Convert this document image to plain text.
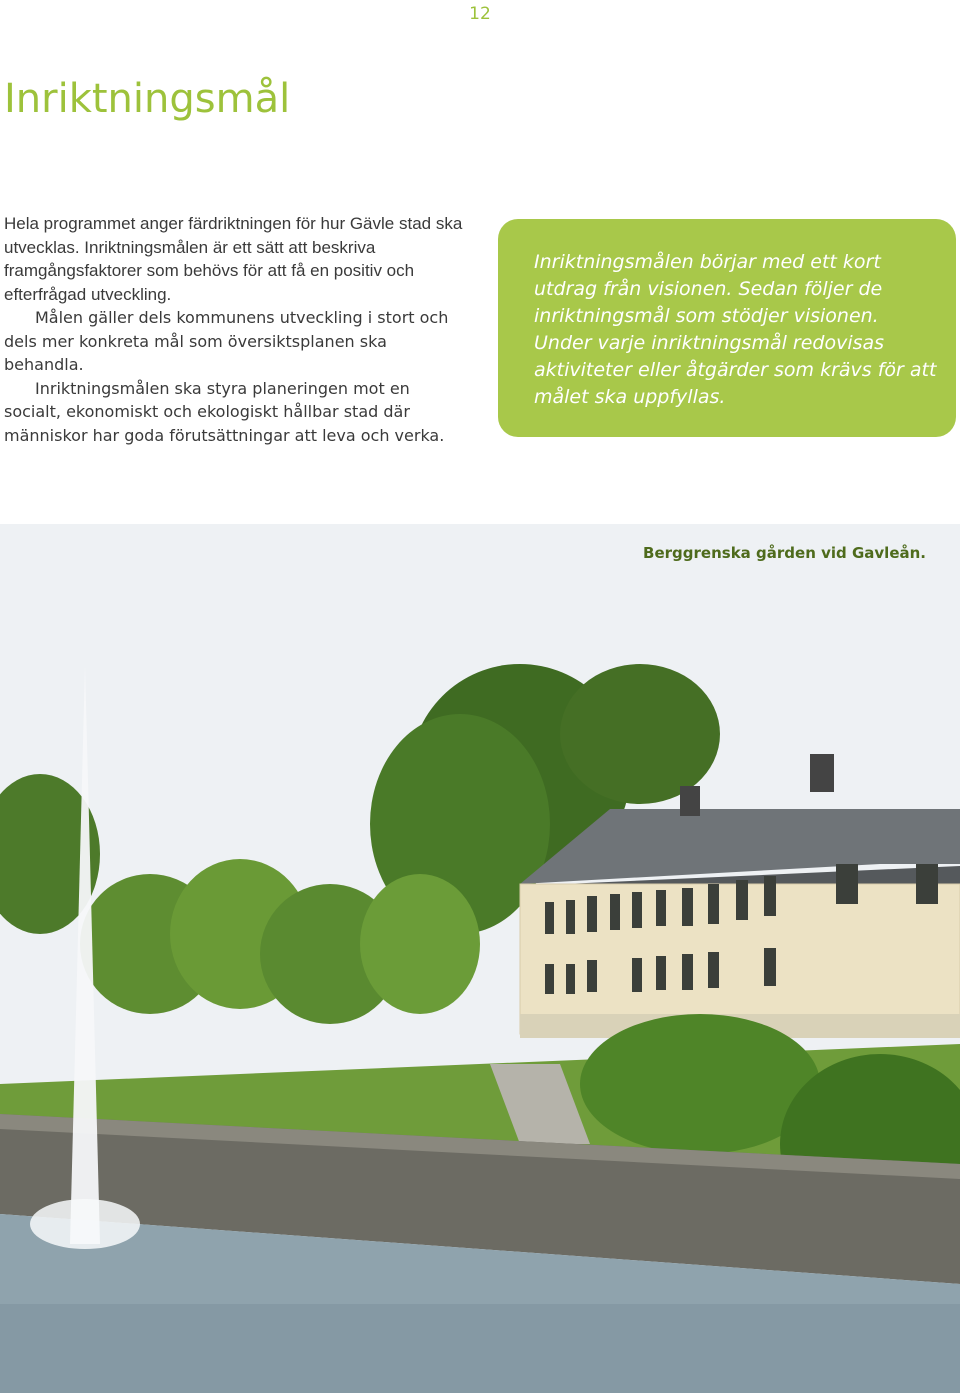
12
Inriktningsmål

Hela programmet anger färdriktningen för hur Gävle stad ska utvecklas. Inriktningsmålen är ett sätt att beskriva framgångsfaktorer som behövs för att få en positiv och efterfrågad utveckling.

Målen gäller dels kommunens utveckling i stort och dels mer konkreta mål som översiktsplanen ska behandla.

Inriktningsmålen ska styra planeringen mot en socialt, ekonomiskt och ekologiskt hållbar stad där människor har goda förutsättningar att leva och verka.

Inriktningsmålen börjar med ett kort utdrag från visionen. Sedan följer de inriktningsmål som stödjer visionen. Under varje inriktningsmål redovisas aktiviteter eller åtgärder som krävs för att målet ska uppfyllas.

Berggrenska gården vid Gavleån.
